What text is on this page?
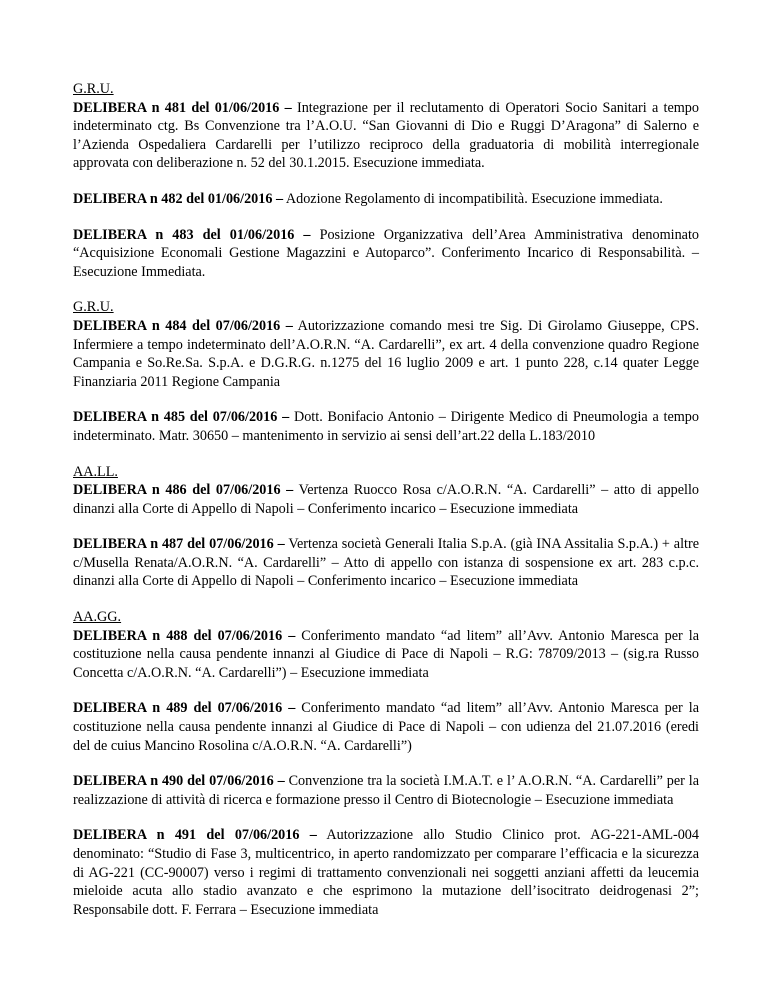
G.R.U.
DELIBERA n 481 del 01/06/2016 – Integrazione per il reclutamento di Operatori Socio Sanitari a tempo indeterminato ctg. Bs Convenzione tra l’A.O.U. “San Giovanni di Dio e Ruggi D’Aragona” di Salerno e l’Azienda Ospedaliera Cardarelli per l’utilizzo reciproco della graduatoria di mobilità interregionale approvata con deliberazione n. 52 del 30.1.2015. Esecuzione immediata.
DELIBERA n 482 del 01/06/2016 – Adozione Regolamento di incompatibilità. Esecuzione immediata.
DELIBERA n 483 del 01/06/2016 – Posizione Organizzativa dell’Area Amministrativa denominato “Acquisizione Economali Gestione Magazzini e Autoparco”. Conferimento Incarico di Responsabilità. – Esecuzione Immediata.
G.R.U.
DELIBERA n 484 del 07/06/2016 – Autorizzazione comando mesi tre Sig. Di Girolamo Giuseppe, CPS. Infermiere a tempo indeterminato dell’A.O.R.N. “A. Cardarelli”, ex art. 4 della convenzione quadro Regione Campania e So.Re.Sa. S.p.A. e D.G.R.G. n.1275 del 16 luglio 2009 e art. 1 punto 228, c.14 quater Legge Finanziaria 2011 Regione Campania
DELIBERA n 485 del 07/06/2016 – Dott. Bonifacio Antonio – Dirigente Medico di Pneumologia a tempo indeterminato. Matr. 30650 – mantenimento in servizio ai sensi dell’art.22 della L.183/2010
AA.LL.
DELIBERA n 486 del 07/06/2016 – Vertenza Ruocco Rosa c/A.O.R.N. “A. Cardarelli” – atto di appello dinanzi alla Corte di Appello di Napoli – Conferimento incarico – Esecuzione immediata
DELIBERA n 487 del 07/06/2016 – Vertenza società Generali Italia S.p.A. (già INA Assitalia S.p.A.) + altre c/Musella Renata/A.O.R.N. “A. Cardarelli” – Atto di appello con istanza di sospensione ex art. 283 c.p.c. dinanzi alla Corte di Appello di Napoli – Conferimento incarico – Esecuzione immediata
AA.GG.
DELIBERA n 488 del 07/06/2016 – Conferimento mandato “ad litem” all’Avv. Antonio Maresca per la costituzione nella causa pendente innanzi al Giudice di Pace di Napoli – R.G: 78709/2013 – (sig.ra Russo Concetta c/A.O.R.N. “A. Cardarelli”) – Esecuzione immediata
DELIBERA n 489 del 07/06/2016 – Conferimento mandato “ad litem” all’Avv. Antonio Maresca per la costituzione nella causa pendente innanzi al Giudice di Pace di Napoli – con udienza del 21.07.2016 (eredi del de cuius Mancino Rosolina c/A.O.R.N. “A. Cardarelli”)
DELIBERA n 490 del 07/06/2016 – Convenzione tra la società I.M.A.T. e l’ A.O.R.N. “A. Cardarelli” per la realizzazione di attività di ricerca e formazione presso il Centro di Biotecnologie – Esecuzione immediata
DELIBERA n 491 del 07/06/2016 – Autorizzazione allo Studio Clinico prot. AG-221-AML-004 denominato: “Studio di Fase 3, multicentrico, in aperto randomizzato per comparare l’efficacia e la sicurezza di AG-221 (CC-90007) verso i regimi di trattamento convenzionali nei soggetti anziani affetti da leucemia mieloide acuta allo stadio avanzato e che esprimono la mutazione dell’isocitrato deidrogenasi 2”; Responsabile dott. F. Ferrara – Esecuzione immediata
